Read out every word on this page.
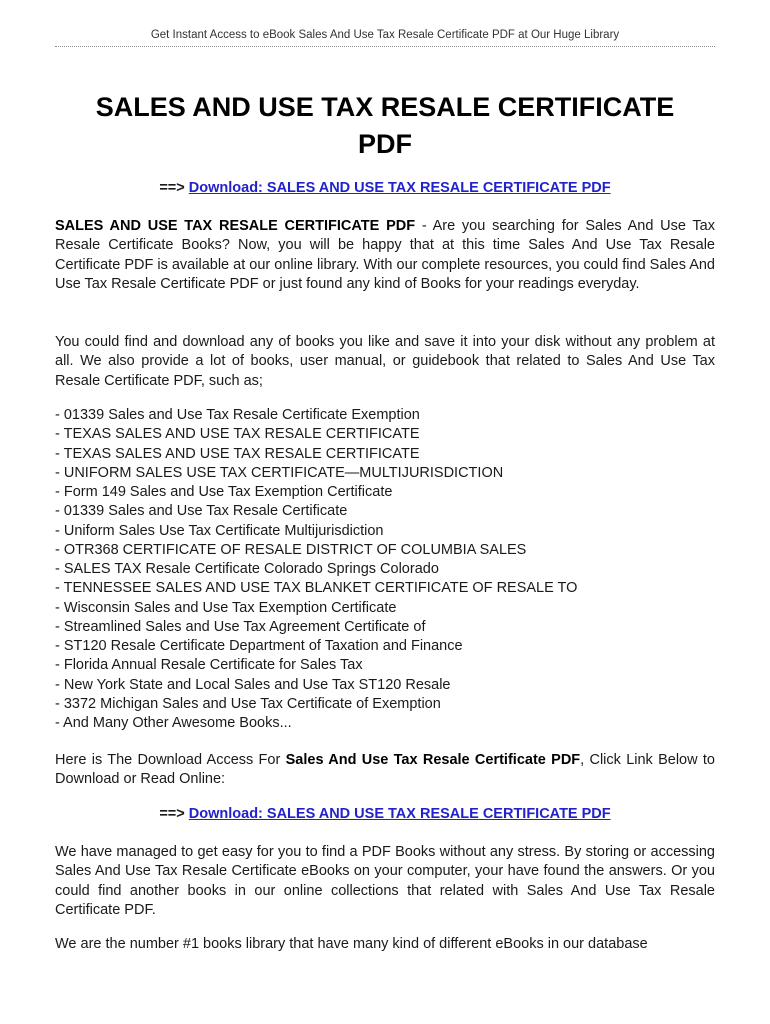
Get Instant Access to eBook Sales And Use Tax Resale Certificate PDF at Our Huge Library
SALES AND USE TAX RESALE CERTIFICATE
PDF
==> Download: SALES AND USE TAX RESALE CERTIFICATE PDF

SALES AND USE TAX RESALE CERTIFICATE PDF - Are you searching for Sales And Use Tax Resale Certificate Books? Now, you will be happy that at this time Sales And Use Tax Resale Certificate PDF is available at our online library. With our complete resources, you could find Sales And Use Tax Resale Certificate PDF or just found any kind of Books for your readings everyday.

You could find and download any of books you like and save it into your disk without any problem at all. We also provide a lot of books, user manual, or guidebook that related to Sales And Use Tax Resale Certificate PDF, such as;

- 01339 Sales and Use Tax Resale Certificate Exemption
- TEXAS SALES AND USE TAX RESALE CERTIFICATE
- TEXAS SALES AND USE TAX RESALE CERTIFICATE
- UNIFORM SALES USE TAX CERTIFICATE—MULTIJURISDICTION
- Form 149 Sales and Use Tax Exemption Certificate
- 01339 Sales and Use Tax Resale Certificate
- Uniform Sales Use Tax Certificate Multijurisdiction
- OTR368 CERTIFICATE OF RESALE DISTRICT OF COLUMBIA SALES
- SALES TAX Resale Certificate Colorado Springs Colorado
- TENNESSEE SALES AND USE TAX BLANKET CERTIFICATE OF RESALE TO
- Wisconsin Sales and Use Tax Exemption Certificate
- Streamlined Sales and Use Tax Agreement Certificate of
- ST120 Resale Certificate Department of Taxation and Finance
- Florida Annual Resale Certificate for Sales Tax
- New York State and Local Sales and Use Tax ST120 Resale
- 3372 Michigan Sales and Use Tax Certificate of Exemption
- And Many Other Awesome Books...

Here is The Download Access For Sales And Use Tax Resale Certificate PDF, Click Link Below to Download or Read Online:

==> Download: SALES AND USE TAX RESALE CERTIFICATE PDF

We have managed to get easy for you to find a PDF Books without any stress. By storing or accessing Sales And Use Tax Resale Certificate eBooks on your computer, your have found the answers. Or you could find another books in our online collections that related with Sales And Use Tax Resale Certificate PDF.

We are the number #1 books library that have many kind of different eBooks in our database
